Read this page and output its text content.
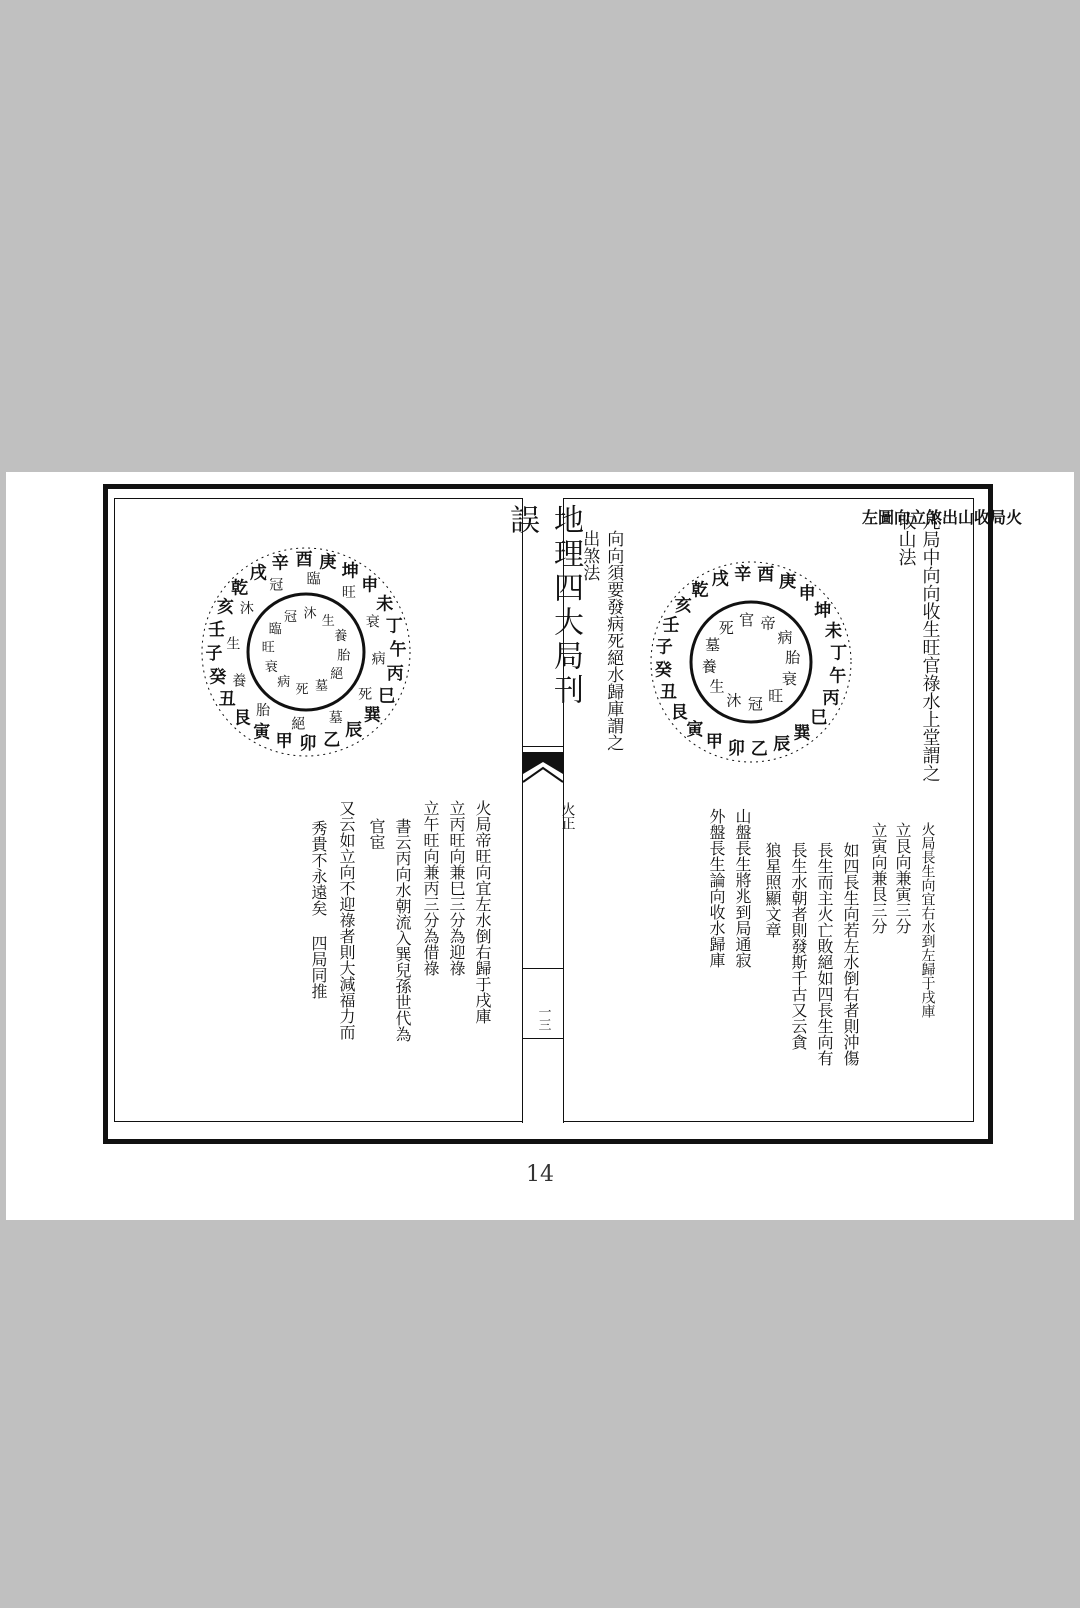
地理四大局刊誤
一三
凡局中向向收生旺官祿水上堂謂之
收山法
火局收山出煞立向圖左
向向須要發病死絕水歸庫謂之
出煞法
申
坤
未
丁
午
丙
巳
巽
辰
乙
卯
甲
寅
艮
丑
癸
子
壬
亥
乾
戌 辛 酉 庚
病
胎
衰
旺
冠
沐
生
養
墓
死 官 帝
火正
火局長生向宜右水到左歸于戌庫
立艮向兼寅三分
立寅向兼艮三分
如四長生向若左水倒右者則沖傷
長生而主火亡敗絕如四長生向有
長生水朝者則發斯千古又云貪
狼星照顯文章
山盤長生將兆到局通寂
外盤長生論向收水歸庫
坤
申
未
丁
午
丙
巳
巽
辰
乙
卯
甲
寅
艮
丑
癸
子
壬
亥
乾
戌 辛 酉 庚
旺
衰
病
死
墓
絕
胎
養
生
沐
冠 臨
生
養
胎
絕
墓
死
病
衰
旺
臨
冠 沐
火局帝旺向宜左水倒右歸于戌庫
立丙旺向兼巳三分為迎祿
立午旺向兼丙三分為借祿
書云丙向水朝流入巽兒孫世代為
官宦
又云如立向不迎祿者則大減福力而
秀貴不永遠矣 四局同推
14
